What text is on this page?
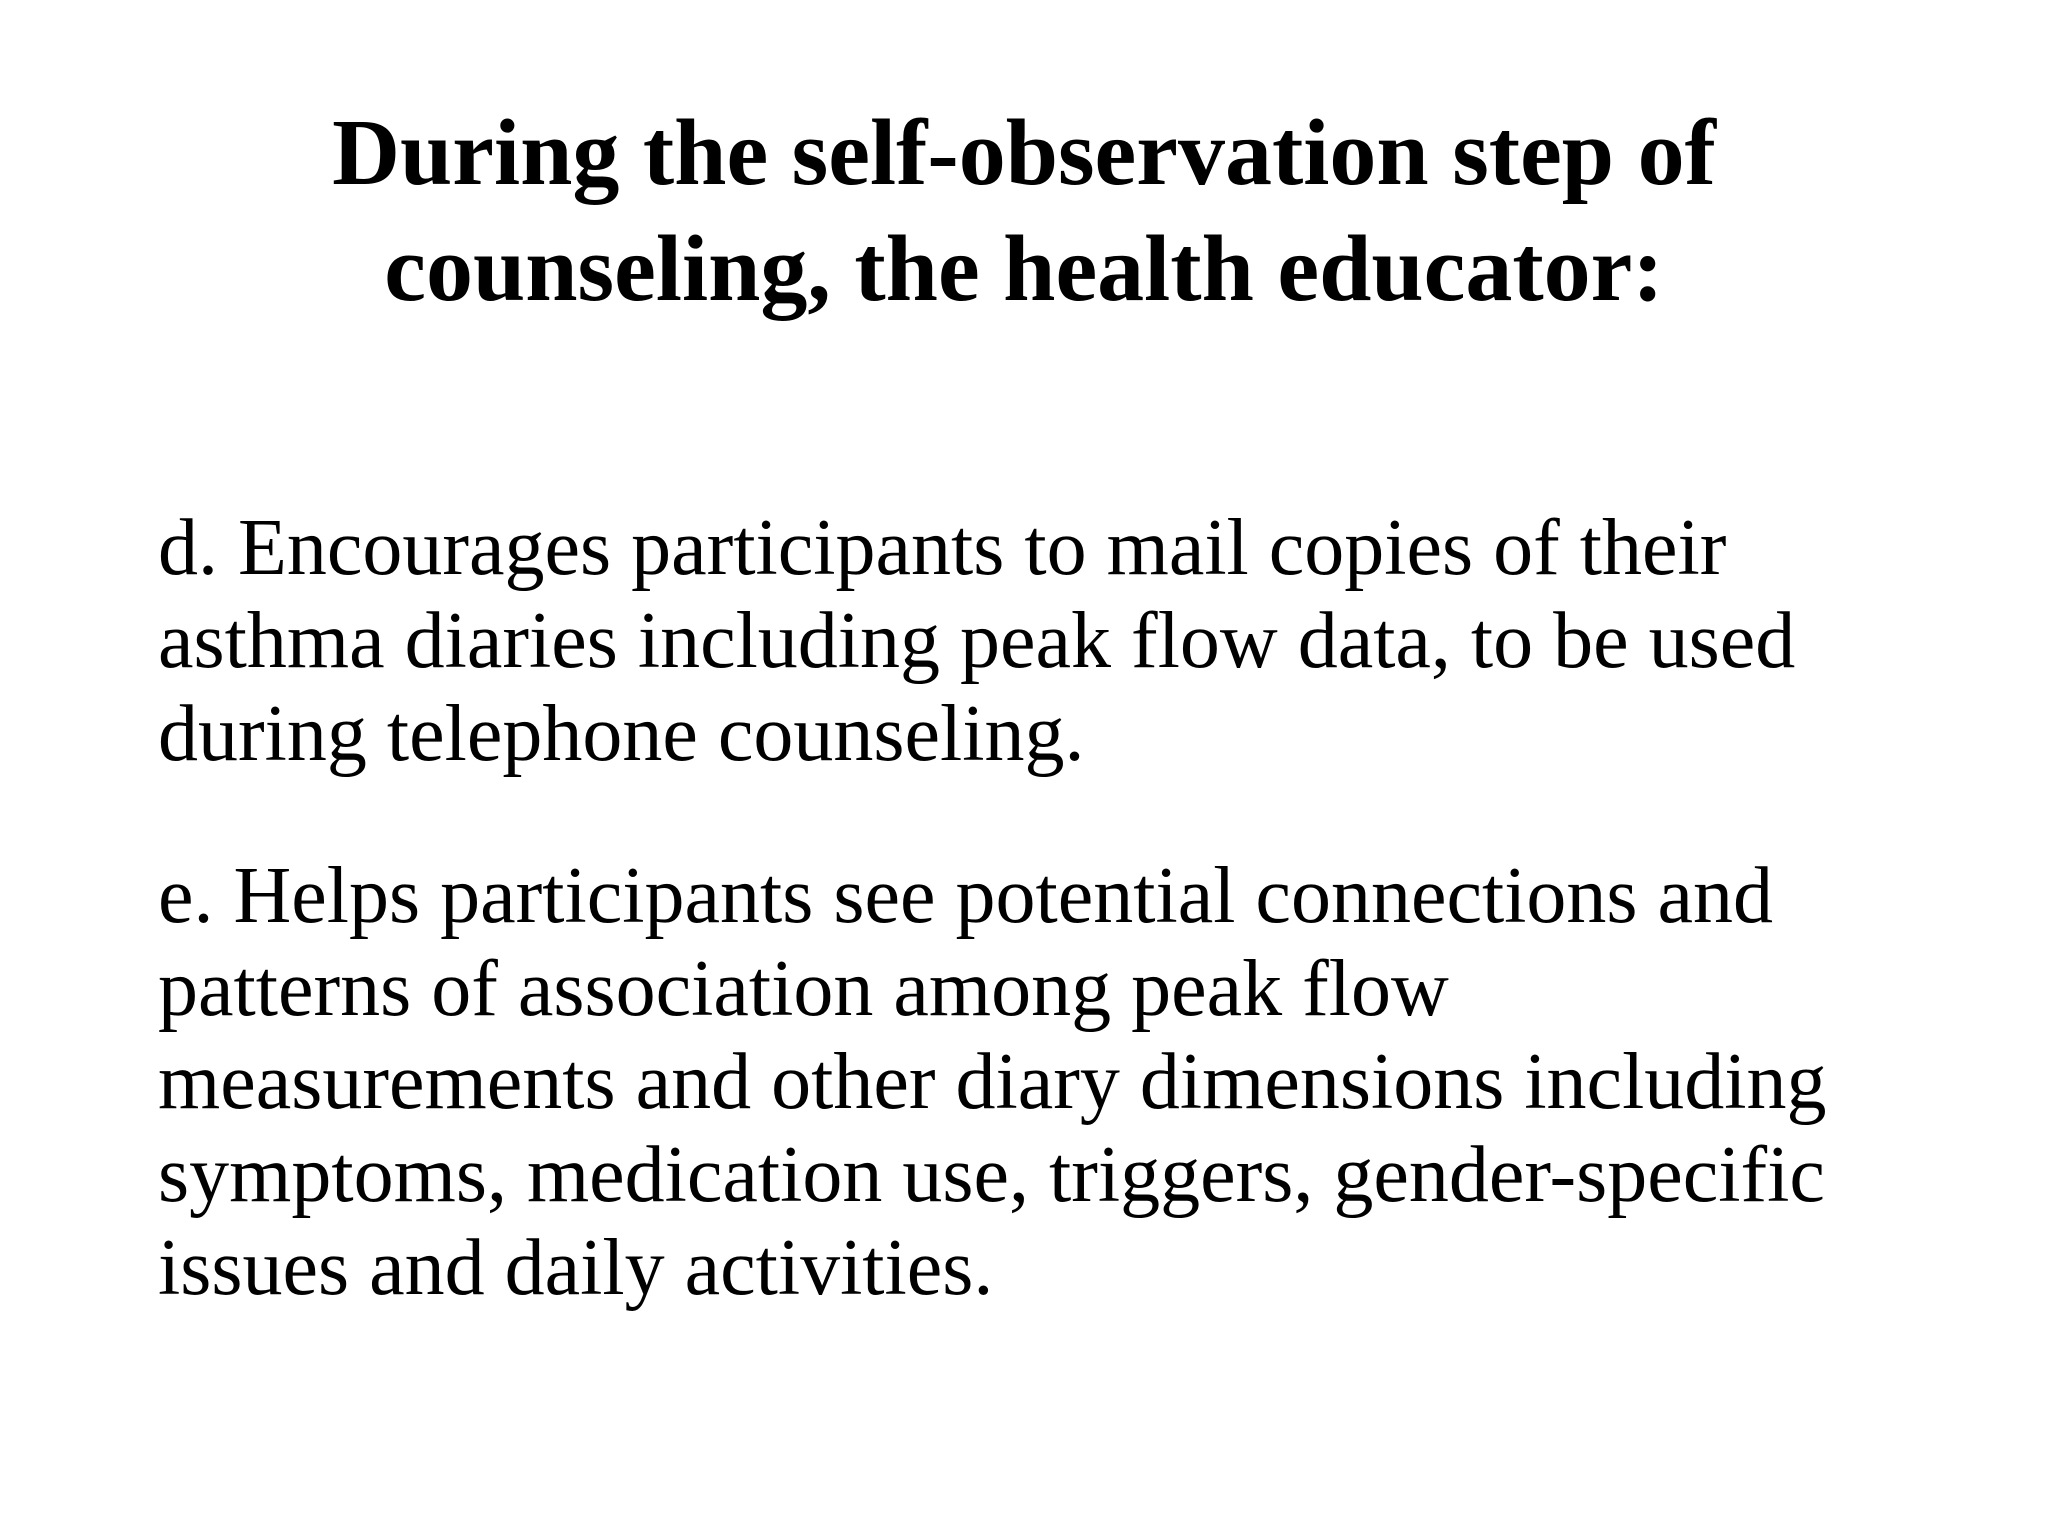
During the self-observation step of
counseling, the health educator:
d. Encourages participants to mail copies of their
asthma diaries including peak flow data, to be used
during telephone counseling.
e. Helps participants see potential connections and
patterns of association among peak flow
measurements and other diary dimensions including
symptoms, medication use, triggers, gender-specific
issues and daily activities.
